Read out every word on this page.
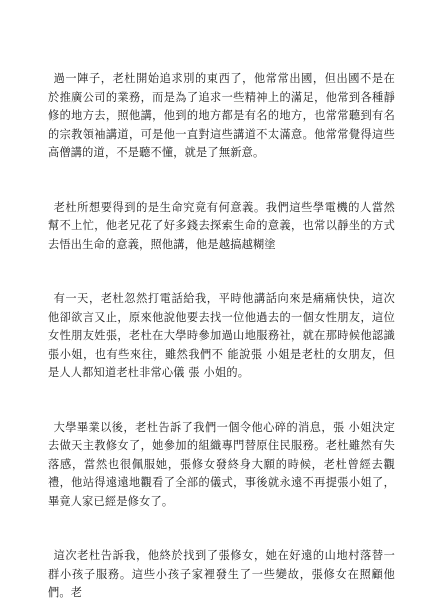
過一陣子，老杜開始追求別的東西了，他常常出國，但出國不是在於推廣公司的業務，而是為了追求一些精神上的滿足，他常到各種靜修的地方去，照他講，他到的地方都是有名的地方，也常常聽到有名的宗教領袖講道，可是他一直對這些講道不太滿意。他常常覺得這些高僧講的道，不是聽不懂，就是了無新意。

老杜所想要得到的是生命究竟有何意義。我們這些學電機的人當然幫不上忙，他老兄花了好多錢去探索生命的意義，也常以靜坐的方式去悟出生命的意義，照他講，他是越搞越糊塗

有一天，老杜忽然打電話給我，平時他講話向來是痛痛快快，這次他卻欲言又止，原來他說他要去找一位他過去的一個女性朋友，這位女性朋友姓張，老杜在大學時參加過山地服務社，就在那時候他認識張小姐，也有些來往，雖然我們不 能說張 小姐是老杜的女朋友，但是人人都知道老杜非常心儀 張 小姐的。

大學畢業以後，老杜告訴了我們一個令他心碎的消息，張 小姐決定去做天主教修女了，她參加的組織專門替原住民服務。老杜雖然有失落感，當然也很佩服她，張修女發終身大願的時候，老杜曾經去觀禮，他站得遠遠地觀看了全部的儀式，事後就永遠不再提張小姐了，畢竟人家已經是修女了。

這次老杜告訴我，他終於找到了張修女，她在好遠的山地村落替一群小孩子服務。這些小孩子家裡發生了一些變故，張修女在照顧他們。老
